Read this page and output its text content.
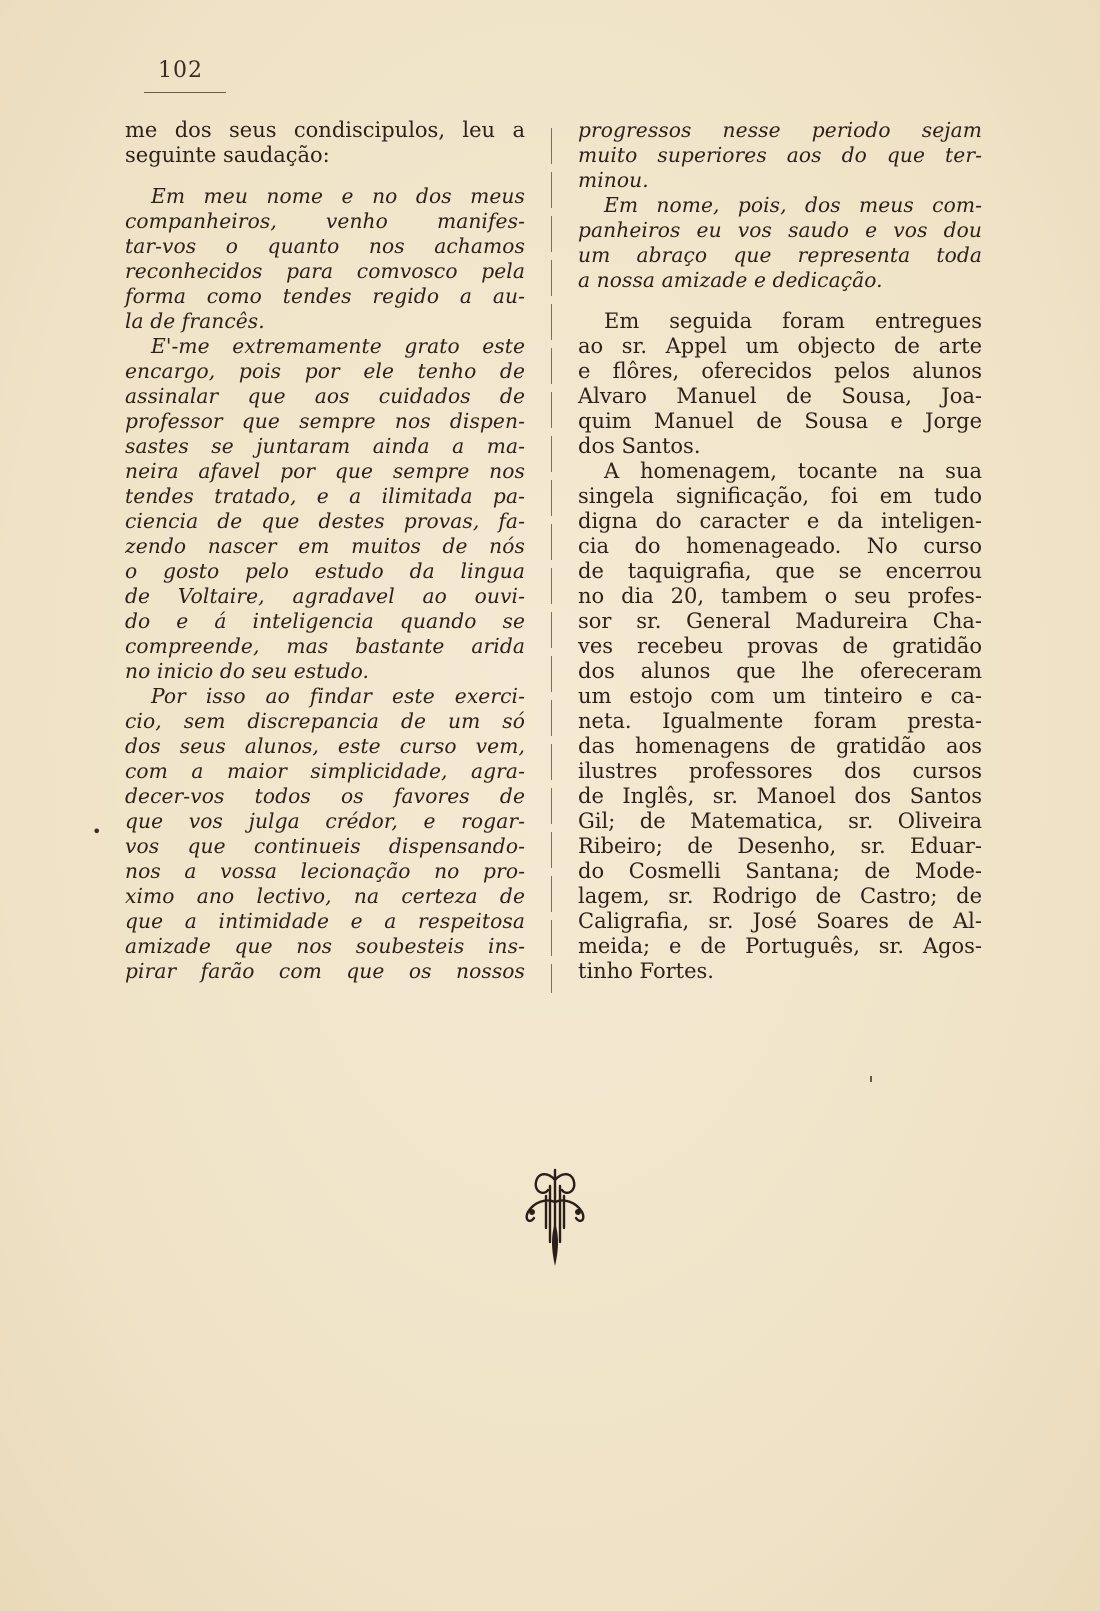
102
me dos seus condiscipulos, leu a
seguinte saudação:
Em meu nome e no dos meus
companheiros, venho manifes-
tar-vos o quanto nos achamos
reconhecidos para comvosco pela
forma como tendes regido a au-
la de francês.
E'-me extremamente grato este
encargo, pois por ele tenho de
assinalar que aos cuidados de
professor que sempre nos dispen-
sastes se juntaram ainda a ma-
neira afavel por que sempre nos
tendes tratado, e a ilimitada pa-
ciencia de que destes provas, fa-
zendo nascer em muitos de nós
o gosto pelo estudo da lingua
de Voltaire, agradavel ao ouvi-
do e á inteligencia quando se
compreende, mas bastante arida
no inicio do seu estudo.
Por isso ao findar este exerci-
cio, sem discrepancia de um só
dos seus alunos, este curso vem,
com a maior simplicidade, agra-
decer-vos todos os favores de
que vos julga crédor, e rogar-
vos que continueis dispensando-
nos a vossa lecionação no pro-
ximo ano lectivo, na certeza de
que a intimidade e a respeitosa
amizade que nos soubesteis ins-
pirar farão com que os nossos
progressos nesse periodo sejam
muito superiores aos do que ter-
minou.
Em nome, pois, dos meus com-
panheiros eu vos saudo e vos dou
um abraço que representa toda
a nossa amizade e dedicação.
Em seguida foram entregues
ao sr. Appel um objecto de arte
e flôres, oferecidos pelos alunos
Alvaro Manuel de Sousa, Joa-
quim Manuel de Sousa e Jorge
dos Santos.
A homenagem, tocante na sua
singela significação, foi em tudo
digna do caracter e da inteligen-
cia do homenageado. No curso
de taquigrafia, que se encerrou
no dia 20, tambem o seu profes-
sor sr. General Madureira Cha-
ves recebeu provas de gratidão
dos alunos que lhe ofereceram
um estojo com um tinteiro e ca-
neta. Igualmente foram presta-
das homenagens de gratidão aos
ilustres professores dos cursos
de Inglês, sr. Manoel dos Santos
Gil; de Matematica, sr. Oliveira
Ribeiro; de Desenho, sr. Eduar-
do Cosmelli Santana; de Mode-
lagem, sr. Rodrigo de Castro; de
Caligrafia, sr. José Soares de Al-
meida; e de Português, sr. Agos-
tinho Fortes.
•
